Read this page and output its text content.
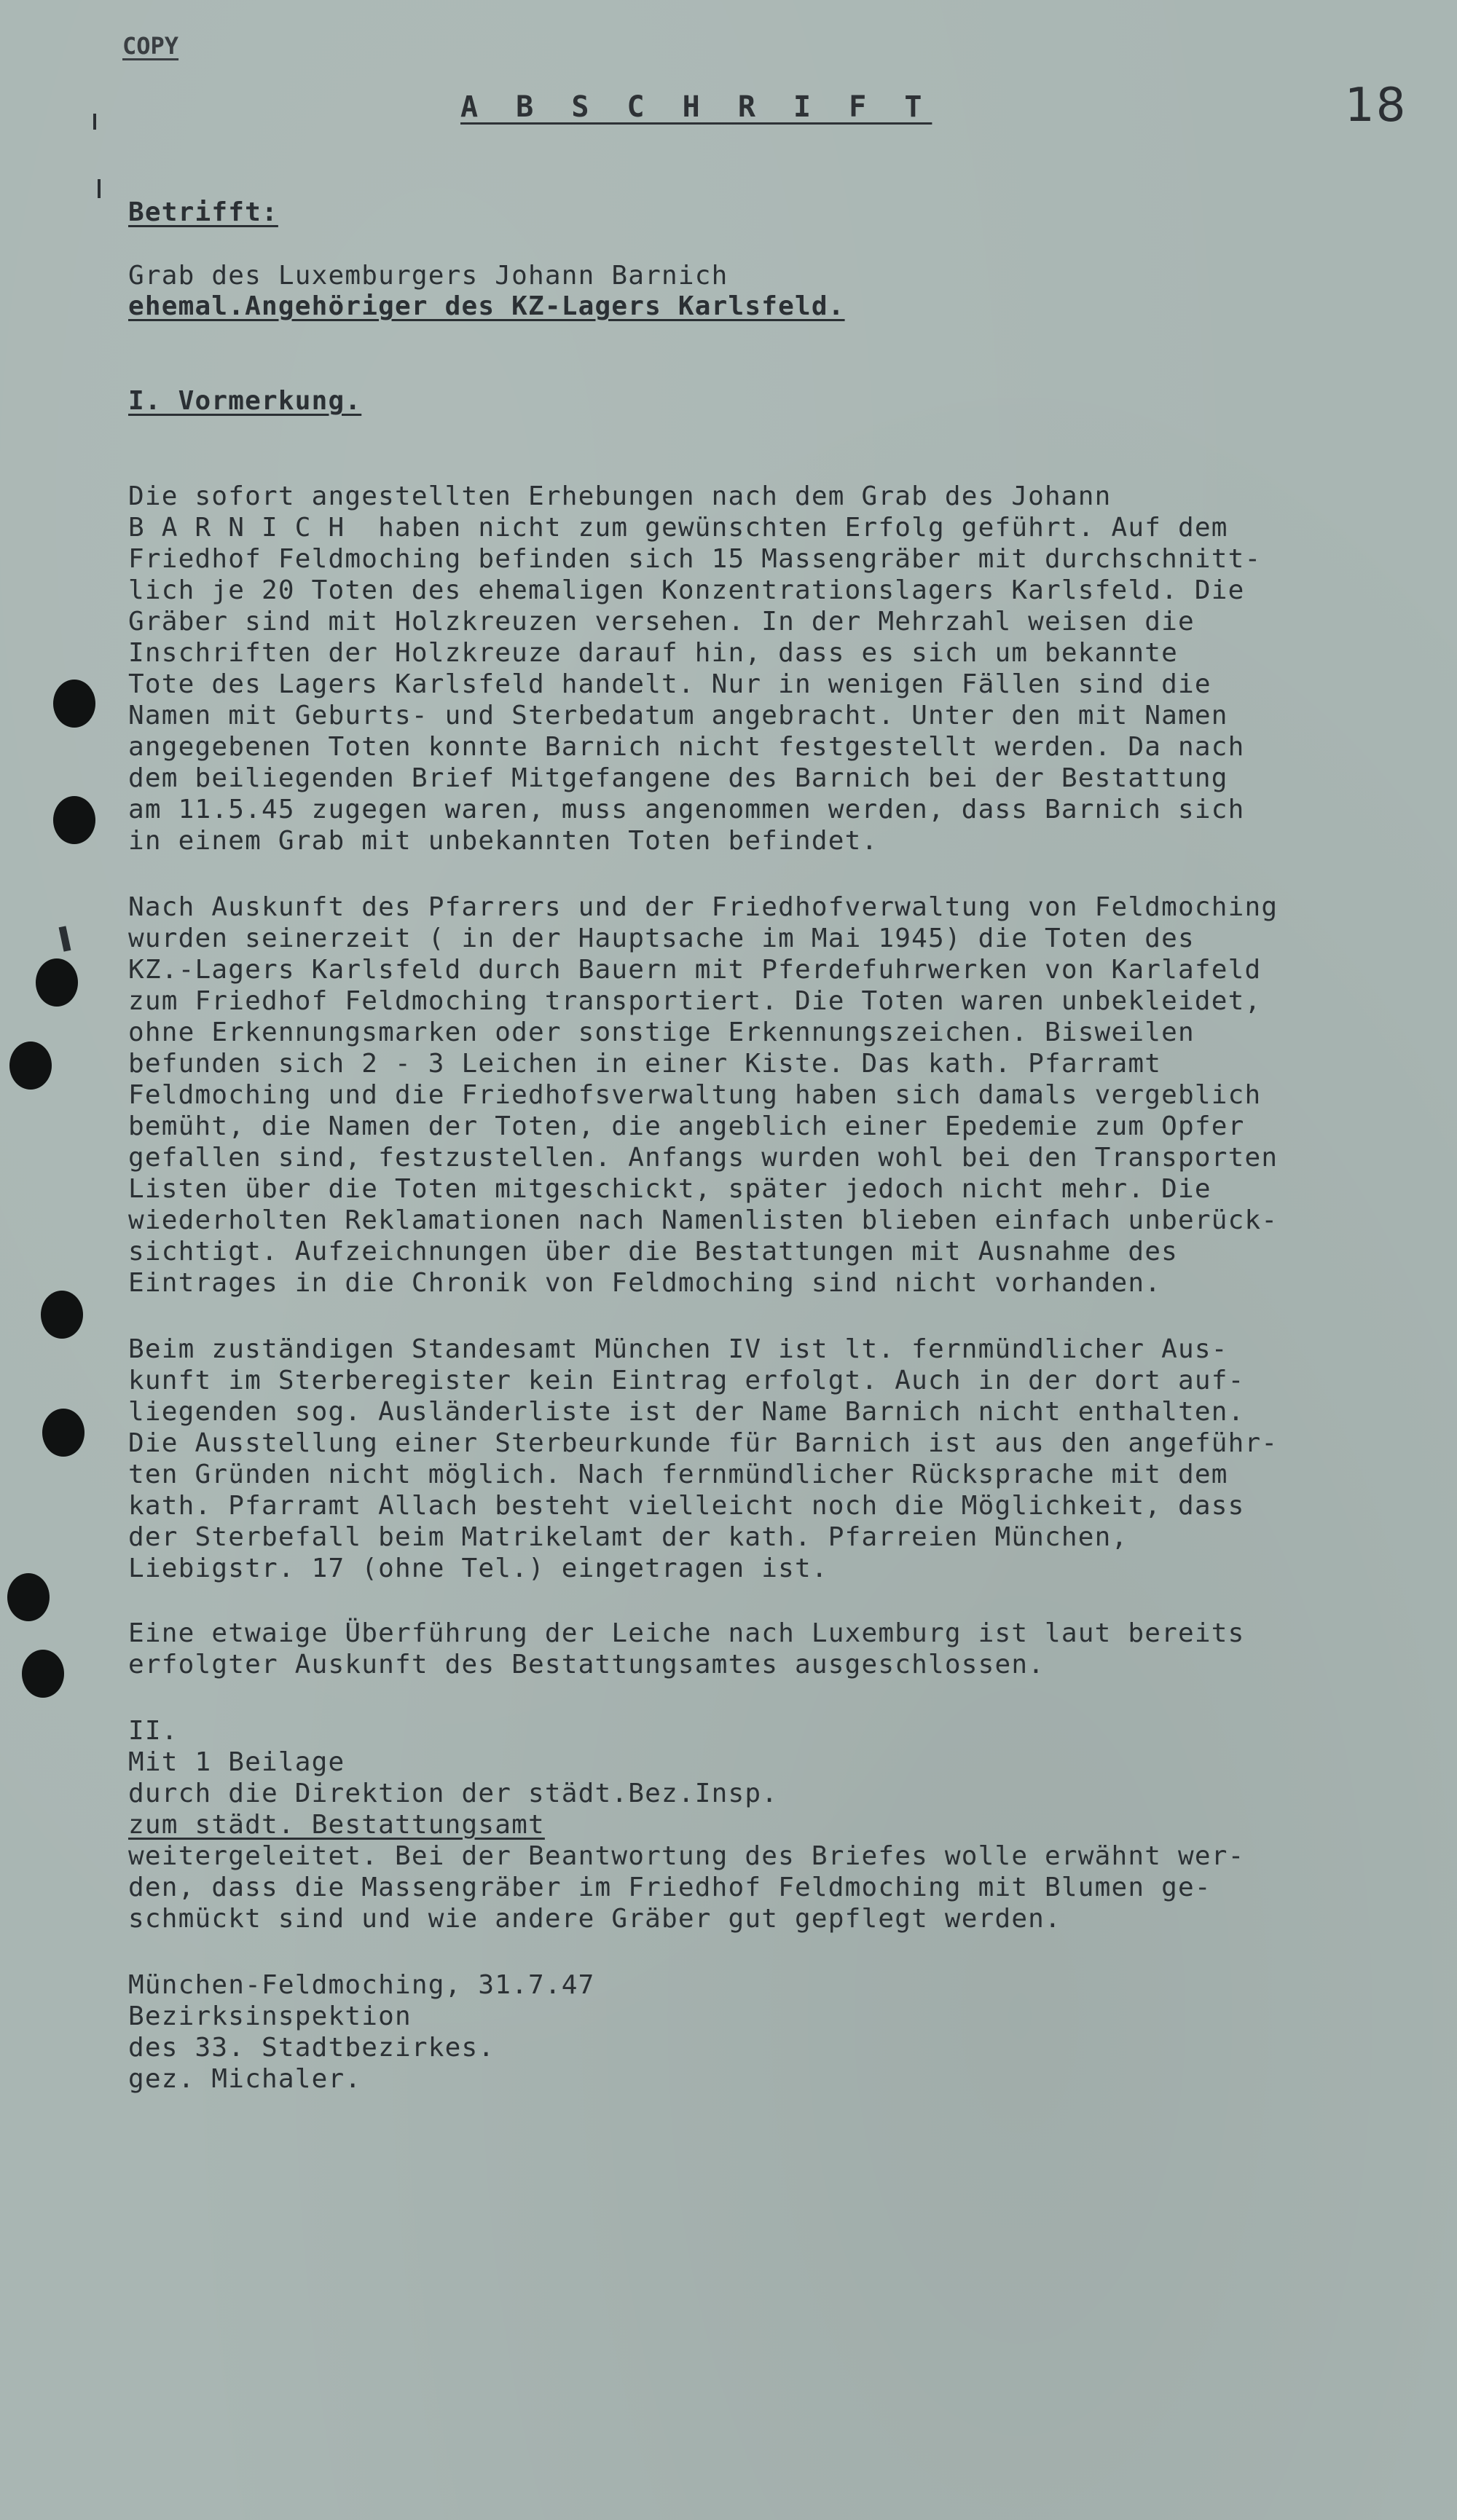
COPY
A B S C H R I F T	18
Betrifft:
Grab des Luxemburgers Johann Barnich
ehemal.Angehöriger des KZ-Lagers Karlsfeld.
I. Vormerkung.
Die sofort angestellten Erhebungen nach dem Grab des Johann
B A R N I C H  haben nicht zum gewünschten Erfolg geführt. Auf dem
Friedhof Feldmoching befinden sich 15 Massengräber mit durchschnitt-
lich je 20 Toten des ehemaligen Konzentrationslagers Karlsfeld. Die
Gräber sind mit Holzkreuzen versehen. In der Mehrzahl weisen die
Inschriften der Holzkreuze darauf hin, dass es sich um bekannte
Tote des Lagers Karlsfeld handelt. Nur in wenigen Fällen sind die
Namen mit Geburts- und Sterbedatum angebracht. Unter den mit Namen
angegebenen Toten konnte Barnich nicht festgestellt werden. Da nach
dem beiliegenden Brief Mitgefangene des Barnich bei der Bestattung
am 11.5.45 zugegen waren, muss angenommen werden, dass Barnich sich
in einem Grab mit unbekannten Toten befindet.
Nach Auskunft des Pfarrers und der Friedhofverwaltung von Feldmoching
wurden seinerzeit ( in der Hauptsache im Mai 1945) die Toten des
KZ.-Lagers Karlsfeld durch Bauern mit Pferdefuhrwerken von Karlafeld
zum Friedhof Feldmoching transportiert. Die Toten waren unbekleidet,
ohne Erkennungsmarken oder sonstige Erkennungszeichen. Bisweilen
befunden sich 2 - 3 Leichen in einer Kiste. Das kath. Pfarramt
Feldmoching und die Friedhofsverwaltung haben sich damals vergeblich
bemüht, die Namen der Toten, die angeblich einer Epedemie zum Opfer
gefallen sind, festzustellen. Anfangs wurden wohl bei den Transporten
Listen über die Toten mitgeschickt, später jedoch nicht mehr. Die
wiederholten Reklamationen nach Namenlisten blieben einfach unberück-
sichtigt. Aufzeichnungen über die Bestattungen mit Ausnahme des
Eintrages in die Chronik von Feldmoching sind nicht vorhanden.
Beim zuständigen Standesamt München IV ist lt. fernmündlicher Aus-
kunft im Sterberegister kein Eintrag erfolgt. Auch in der dort auf-
liegenden sog. Ausländerliste ist der Name Barnich nicht enthalten.
Die Ausstellung einer Sterbeurkunde für Barnich ist aus den angeführ-
ten Gründen nicht möglich. Nach fernmündlicher Rücksprache mit dem
kath. Pfarramt Allach besteht vielleicht noch die Möglichkeit, dass
der Sterbefall beim Matrikelamt der kath. Pfarreien München,
Liebigstr. 17 (ohne Tel.) eingetragen ist.
Eine etwaige Überführung der Leiche nach Luxemburg ist laut bereits
erfolgter Auskunft des Bestattungsamtes ausgeschlossen.
II.
Mit 1 Beilage
durch die Direktion der städt.Bez.Insp.
zum städt. Bestattungsamt
weitergeleitet. Bei der Beantwortung des Briefes wolle erwähnt wer-
den, dass die Massengräber im Friedhof Feldmoching mit Blumen ge-
schmückt sind und wie andere Gräber gut gepflegt werden.
München-Feldmoching, 31.7.47
Bezirksinspektion
des 33. Stadtbezirkes.
gez. Michaler.
